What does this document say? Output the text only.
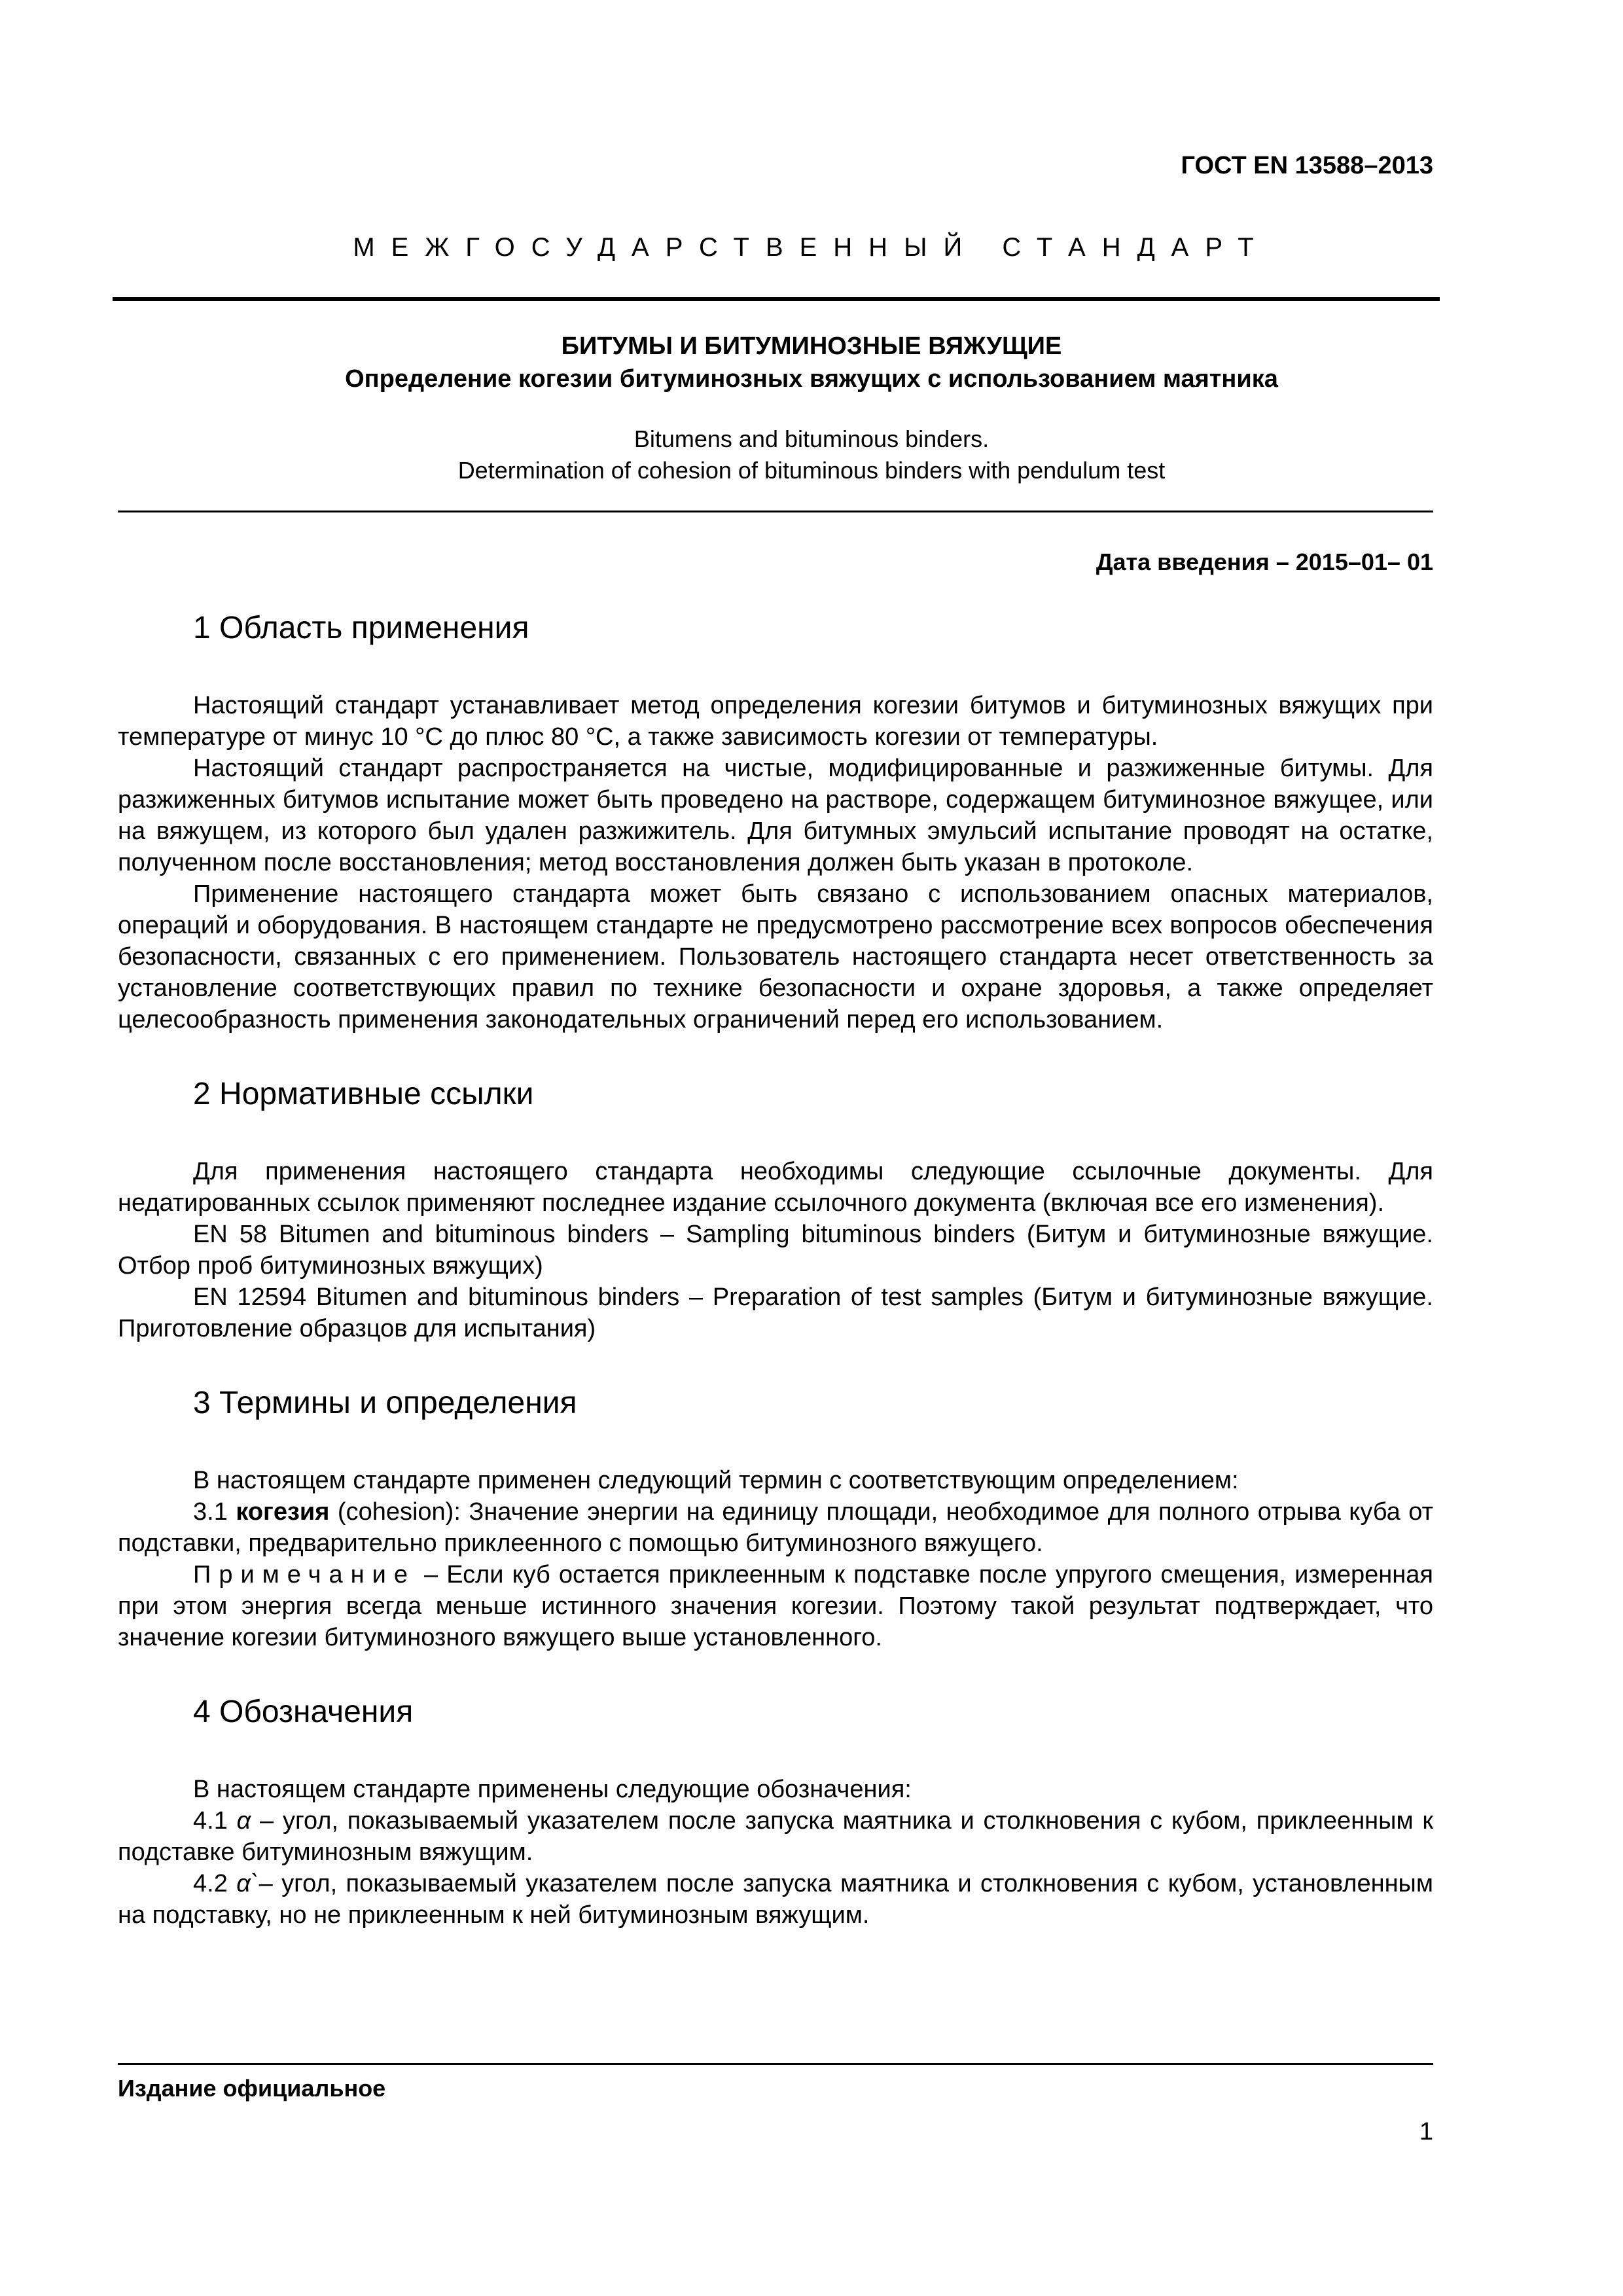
ГОСТ EN 13588–2013
МЕЖГОСУДАРСТВЕННЫЙ СТАНДАРТ
БИТУМЫ И БИТУМИНОЗНЫЕ ВЯЖУЩИЕ
Определение когезии битуминозных вяжущих с использованием маятника
Bitumens and bituminous binders.
Determination of cohesion of bituminous binders with pendulum test
Дата введения – 2015–01– 01
1 Область применения

Настоящий стандарт устанавливает метод определения когезии битумов и битуминозных вяжущих при температуре от минус 10 °С до плюс 80 °С, а также зависимость когезии от температуры.

Настоящий стандарт распространяется на чистые, модифицированные и разжиженные битумы. Для разжиженных битумов испытание может быть проведено на растворе, содержащем битуминозное вяжущее, или на вяжущем, из которого был удален разжижитель. Для битумных эмульсий испытание проводят на остатке, полученном после восстановления; метод восстановления должен быть указан в протоколе.

Применение настоящего стандарта может быть связано с использованием опасных материалов, операций и оборудования. В настоящем стандарте не предусмотрено рассмотрение всех вопросов обеспечения безопасности, связанных с его применением. Пользователь настоящего стандарта несет ответственность за установление соответствующих правил по технике безопасности и охране здоровья, а также определяет целесообразность применения законодательных ограничений перед его использованием.

2 Нормативные ссылки

Для применения настоящего стандарта необходимы следующие ссылочные документы. Для недатированных ссылок применяют последнее издание ссылочного документа (включая все его изменения).

EN 58 Bitumen and bituminous binders – Sampling bituminous binders (Битум и битуминозные вяжущие. Отбор проб битуминозных вяжущих)

EN 12594 Bitumen and bituminous binders – Preparation of test samples (Битум и битуминозные вяжущие. Приготовление образцов для испытания)

3 Термины и определения

В настоящем стандарте применен следующий термин с соответствующим определением:

3.1 когезия (cohesion): Значение энергии на единицу площади, необходимое для полного отрыва куба от подставки, предварительно приклеенного с помощью битуминозного вяжущего.

Примечание – Если куб остается приклеенным к подставке после упругого смещения, измеренная при этом энергия всегда меньше истинного значения когезии. Поэтому такой результат подтверждает, что значение когезии битуминозного вяжущего выше установленного.

4 Обозначения

В настоящем стандарте применены следующие обозначения:

4.1 α – угол, показываемый указателем после запуска маятника и столкновения с кубом, приклеенным к подставке битуминозным вяжущим.

4.2 α`– угол, показываемый указателем после запуска маятника и столкновения с кубом, установленным на подставку, но не приклеенным к ней битуминозным вяжущим.

Издание официальное
1
